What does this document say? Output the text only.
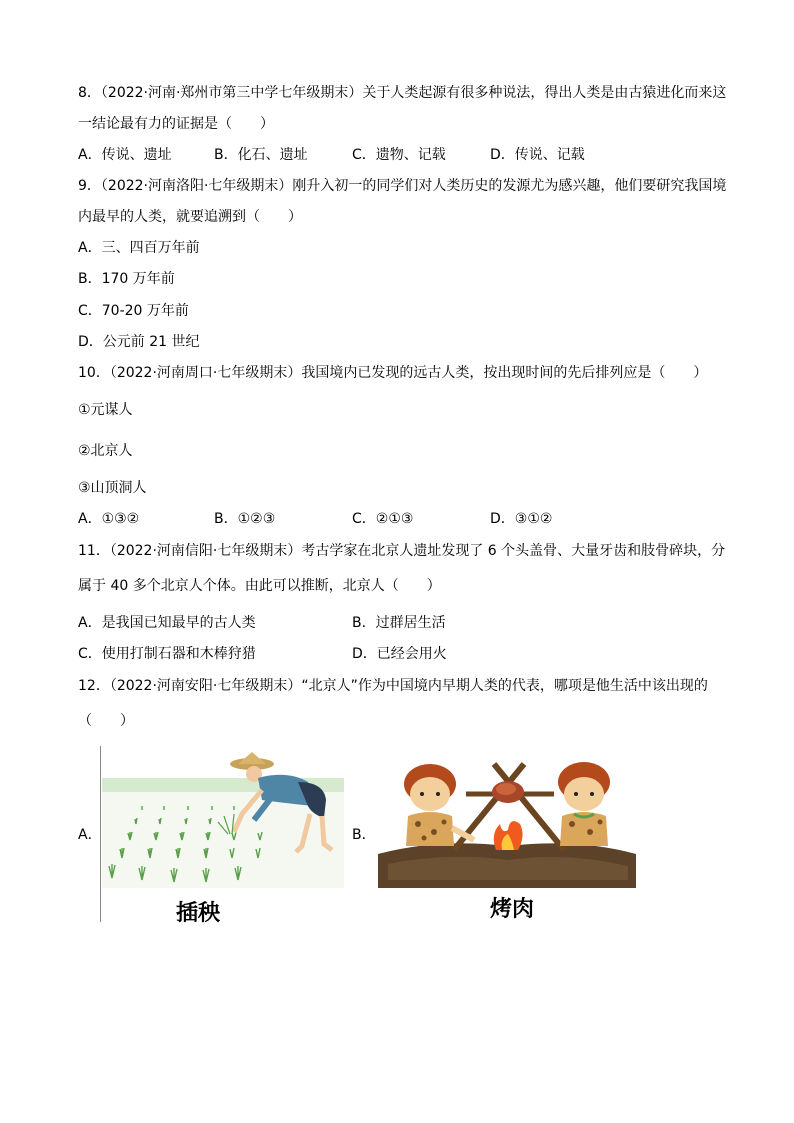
8．（2022·河南·郑州市第三中学七年级期末）关于人类起源有很多种说法，得出人类是由古猿进化而来这
一结论最有力的证据是（　　）
A．传说、遗址	B．化石、遗址	C．遗物、记载	D．传说、记载
9．（2022·河南洛阳·七年级期末）刚升入初一的同学们对人类历史的发源尤为感兴趣，他们要研究我国境
内最早的人类，就要追溯到（　　）
A．三、四百万年前
B．170 万年前
C．70-20 万年前
D．公元前 21 世纪
10．（2022·河南周口·七年级期末）我国境内已发现的远古人类，按出现时间的先后排列应是（　　）
①元谋人
②北京人
③山顶洞人
A．①③②	B．①②③	C．②①③	D．③①②
11．（2022·河南信阳·七年级期末）考古学家在北京人遗址发现了 6 个头盖骨、大量牙齿和肢骨碎块，分
属于 40 多个北京人个体。由此可以推断，北京人（　　）
A．是我国已知最早的古人类	B．过群居生活
C．使用打制石器和木棒狩猎	D．已经会用火
12．（2022·河南安阳·七年级期末）“北京人”作为中国境内早期人类的代表，哪项是他生活中该出现的
（　　）
A．
插秧
B．
烤肉
